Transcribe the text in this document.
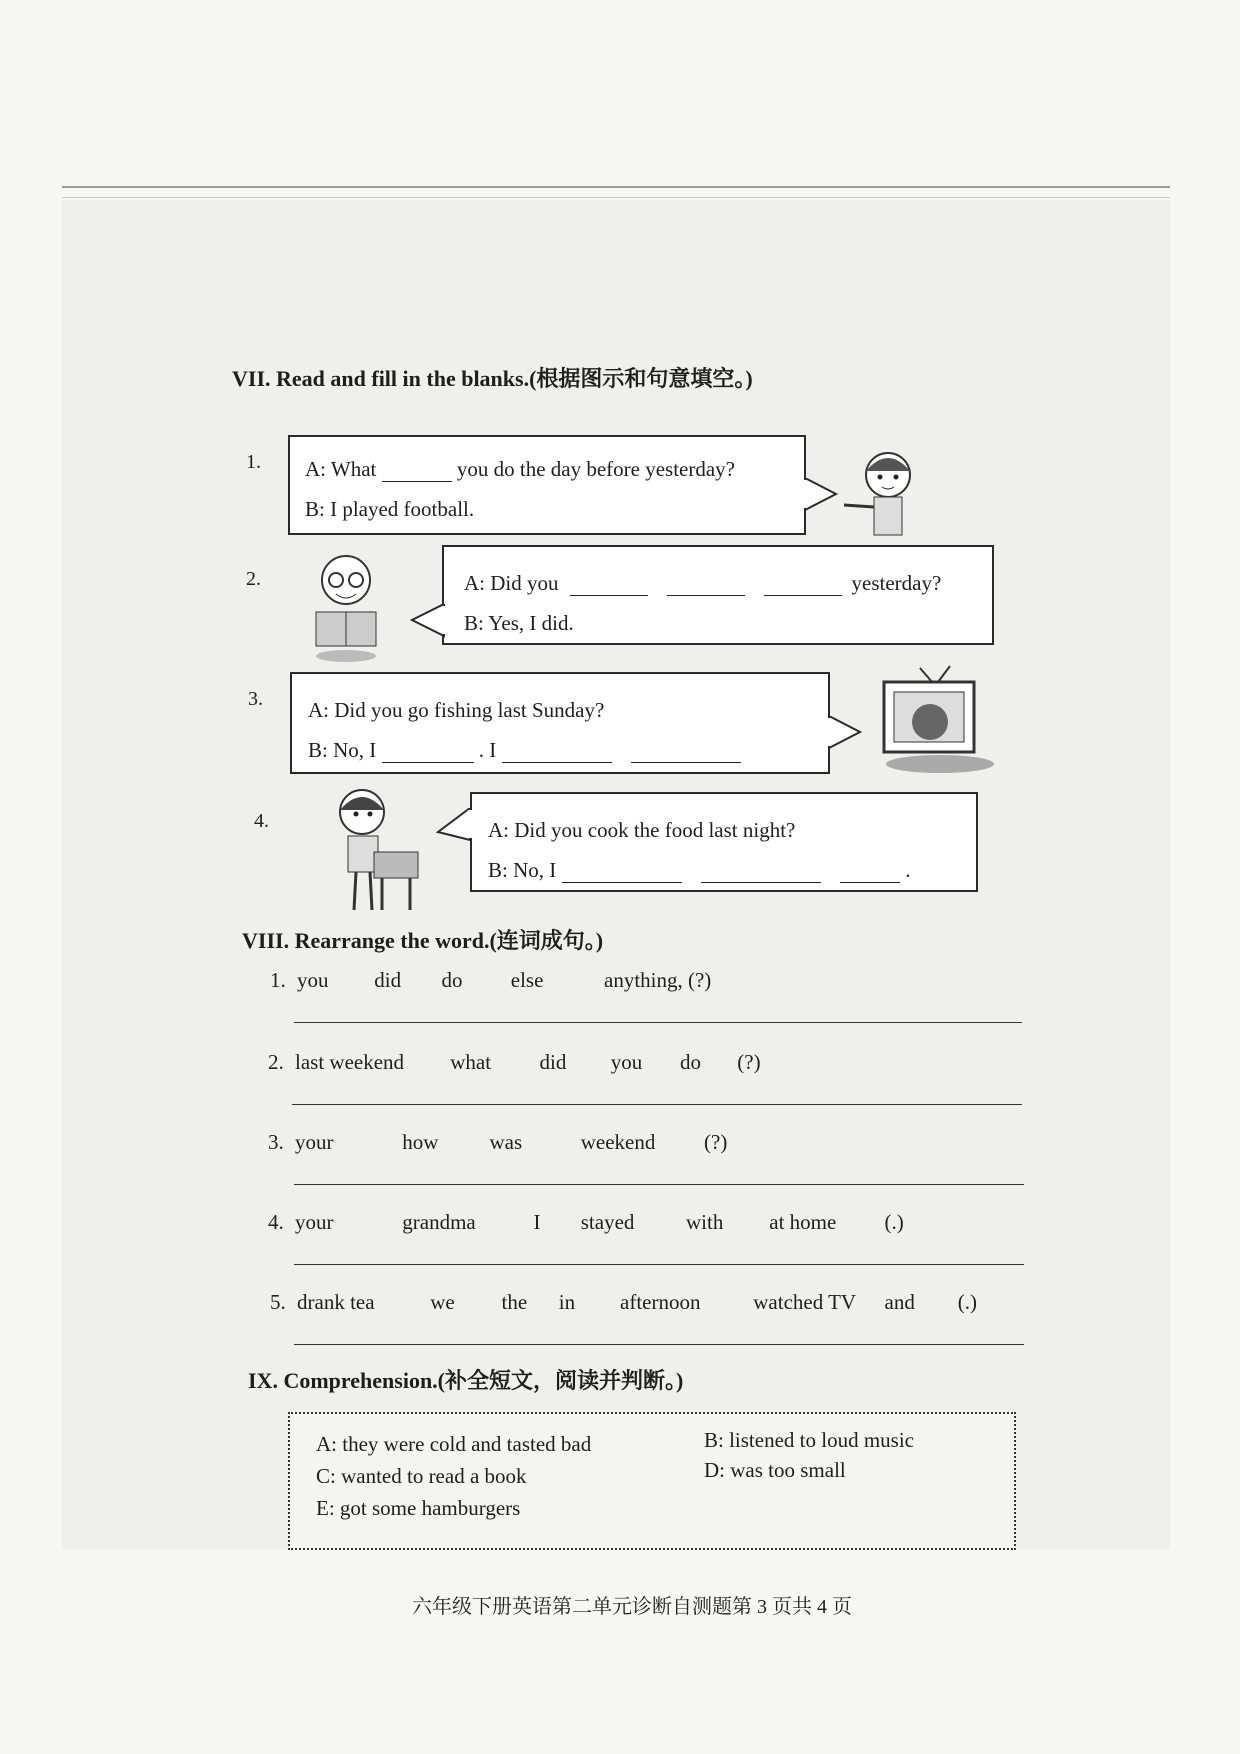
VII. Read and fill in the blanks.(根据图示和句意填空。)
1. A: What	you do the day before yesterday?
B: I played football.
2.	A: Did you	yesterday?
B: Yes, I did.
3. A: Did you go fishing last Sunday?
B: No, I	. I
4.	A: Did you cook the food last night?
B: No, I	.
VIII. Rearrange the word.(连词成句。)
1. you did do else	anything, (?)
2. last weekend what did you do (?)
3. your	how was	weekend (?)
4. your	grandma	I stayed with at home (.)
5. drank tea	we the in afternoon	watched TV and (.)
IX. Comprehension.(补全短文，阅读并判断。)
A: they were cold and tasted bad	B: listened to loud music
C: wanted to read a book	D: was too small
E: got some hamburgers
六年级下册英语第二单元诊断自测题第 3 页共 4 页
